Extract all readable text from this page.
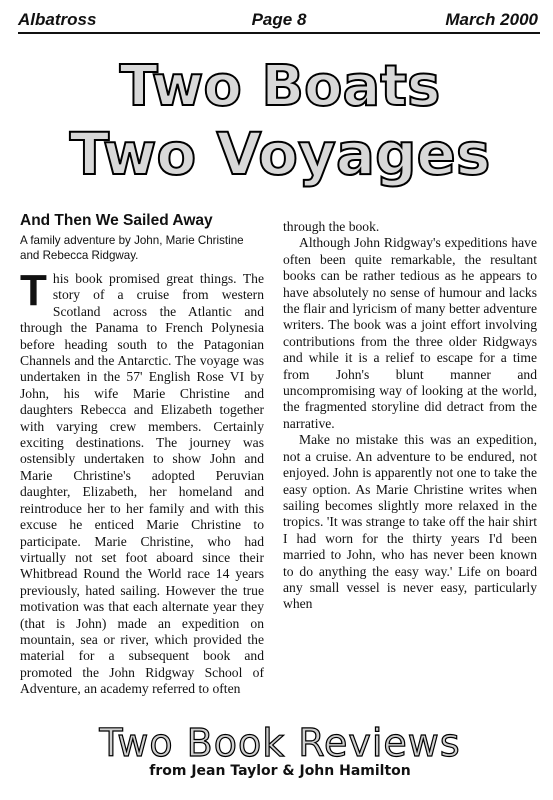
Albatross	Page 8	March 2000
Two Boats
Two Voyages
And Then We Sailed Away
A family adventure by John, Marie Christine and Rebecca Ridgway.

This book promised great things. The story of a cruise from western Scotland across the Atlantic and through the Panama to French Polynesia before heading south to the Patagonian Channels and the Antarctic. The voyage was undertaken in the 57' English Rose VI by John, his wife Marie Christine and daughters Rebecca and Elizabeth together with varying crew members. Certainly exciting destinations. The journey was ostensibly undertaken to show John and Marie Christine's adopted Peruvian daughter, Elizabeth, her homeland and reintroduce her to her family and with this excuse he enticed Marie Christine to participate. Marie Christine, who had virtually not set foot aboard since their Whitbread Round the World race 14 years previously, hated sailing. However the true motivation was that each alternate year they (that is John) made an expedition on mountain, sea or river, which provided the material for a subsequent book and promoted the John Ridgway School of Adventure, an academy referred to often

through the book.

Although John Ridgway's expeditions have often been quite remarkable, the resultant books can be rather tedious as he appears to have absolutely no sense of humour and lacks the flair and lyricism of many better adventure writers. The book was a joint effort involving contributions from the three older Ridgways and while it is a relief to escape for a time from John's blunt manner and uncompromising way of looking at the world, the fragmented storyline did detract from the narrative.

Make no mistake this was an expedition, not a cruise. An adventure to be endured, not enjoyed. John is apparently not one to take the easy option. As Marie Christine writes when sailing becomes slightly more relaxed in the tropics. 'It was strange to take off the hair shirt I had worn for the thirty years I'd been married to John, who has never been known to do anything the easy way.' Life on board any small vessel is never easy, particularly when

Two Book Reviews
from Jean Taylor & John Hamilton
